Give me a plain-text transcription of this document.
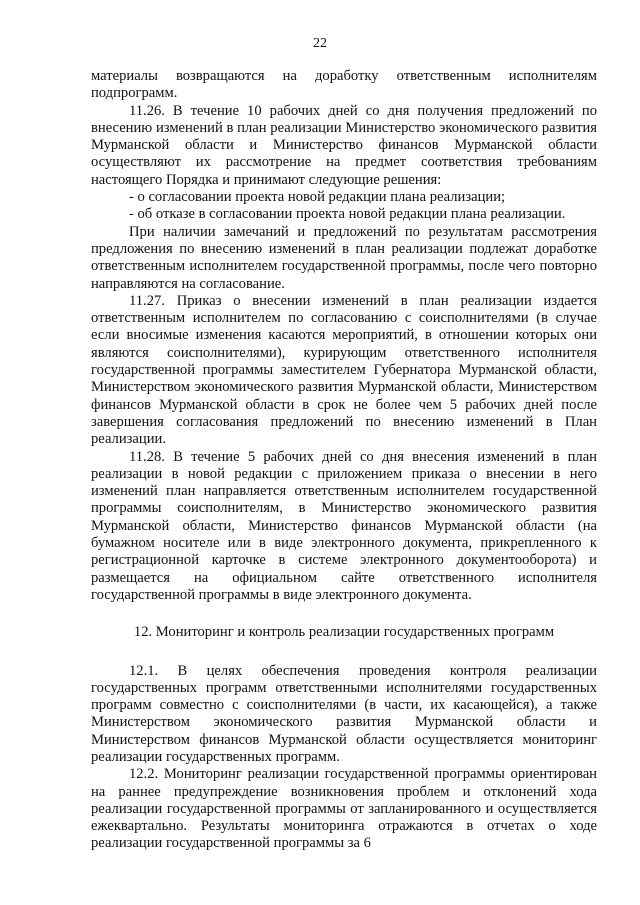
22

материалы возвращаются на доработку ответственным исполнителям подпрограмм.

11.26. В течение 10 рабочих дней со дня получения предложений по внесению изменений в план реализации Министерство экономического развития Мурманской области и Министерство финансов Мурманской области осуществляют их рассмотрение на предмет соответствия требованиям настоящего Порядка и принимают следующие решения:

- о согласовании проекта новой редакции плана реализации;

- об отказе в согласовании проекта новой редакции плана реализации.

При наличии замечаний и предложений по результатам рассмотрения предложения по внесению изменений в план реализации подлежат доработке ответственным исполнителем государственной программы, после чего повторно направляются на согласование.

11.27. Приказ о внесении изменений в план реализации издается ответственным исполнителем по согласованию с соисполнителями (в случае если вносимые изменения касаются мероприятий, в отношении которых они являются соисполнителями), курирующим ответственного исполнителя государственной программы заместителем Губернатора Мурманской области, Министерством экономического развития Мурманской области, Министерством финансов Мурманской области в срок не более чем 5 рабочих дней после завершения согласования предложений по внесению изменений в План реализации.

11.28. В течение 5 рабочих дней со дня внесения изменений в план реализации в новой редакции с приложением приказа о внесении в него изменений план направляется ответственным исполнителем государственной программы соисполнителям, в Министерство экономического развития Мурманской области, Министерство финансов Мурманской области (на бумажном носителе или в виде электронного документа, прикрепленного к регистрационной карточке в системе электронного документооборота) и размещается на официальном сайте ответственного исполнителя государственной программы в виде электронного документа.

12. Мониторинг и контроль реализации государственных программ

12.1. В целях обеспечения проведения контроля реализации государственных программ ответственными исполнителями государственных программ совместно с соисполнителями (в части, их касающейся), а также Министерством экономического развития Мурманской области и Министерством финансов Мурманской области осуществляется мониторинг реализации государственных программ.

12.2. Мониторинг реализации государственной программы ориентирован на раннее предупреждение возникновения проблем и отклонений хода реализации государственной программы от запланированного и осуществляется ежеквартально. Результаты мониторинга отражаются в отчетах о ходе реализации государственной программы за 6
